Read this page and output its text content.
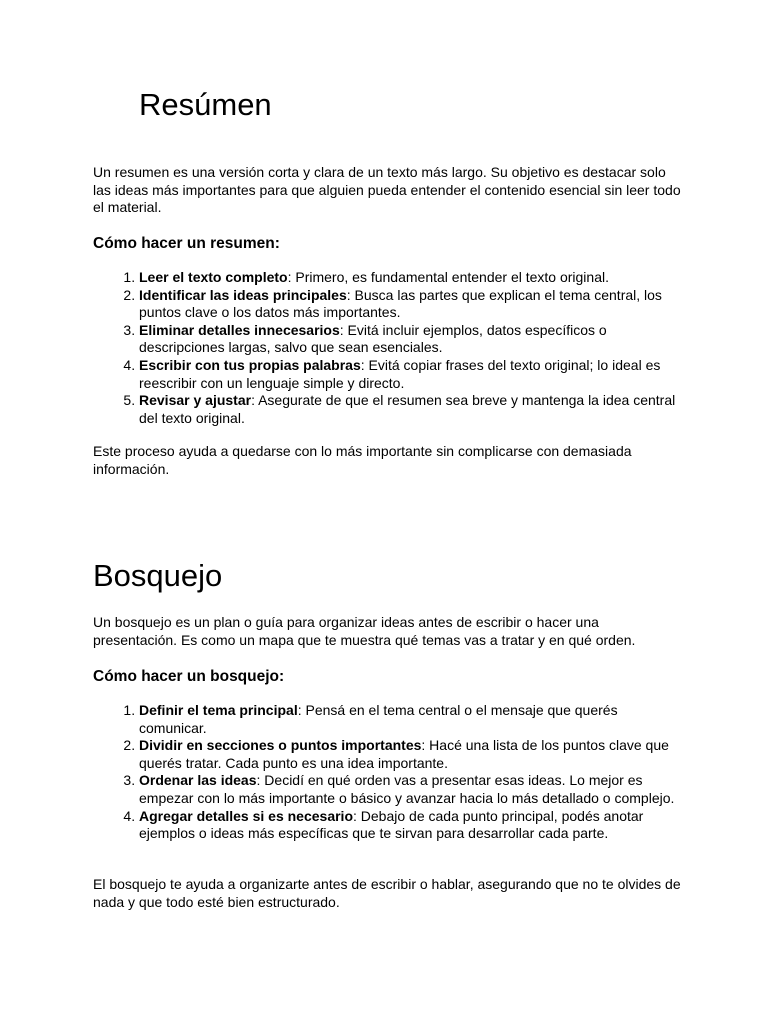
Resúmen

Un resumen es una versión corta y clara de un texto más largo. Su objetivo es destacar solo las ideas más importantes para que alguien pueda entender el contenido esencial sin leer todo el material.

Cómo hacer un resumen:
1. Leer el texto completo: Primero, es fundamental entender el texto original.
2. Identificar las ideas principales: Busca las partes que explican el tema central, los puntos clave o los datos más importantes.
3. Eliminar detalles innecesarios: Evitá incluir ejemplos, datos específicos o descripciones largas, salvo que sean esenciales.
4. Escribir con tus propias palabras: Evitá copiar frases del texto original; lo ideal es reescribir con un lenguaje simple y directo.
5. Revisar y ajustar: Asegurate de que el resumen sea breve y mantenga la idea central del texto original.

Este proceso ayuda a quedarse con lo más importante sin complicarse con demasiada información.

Bosquejo

Un bosquejo es un plan o guía para organizar ideas antes de escribir o hacer una presentación. Es como un mapa que te muestra qué temas vas a tratar y en qué orden.

Cómo hacer un bosquejo:
1. Definir el tema principal: Pensá en el tema central o el mensaje que querés comunicar.
2. Dividir en secciones o puntos importantes: Hacé una lista de los puntos clave que querés tratar. Cada punto es una idea importante.
3. Ordenar las ideas: Decidí en qué orden vas a presentar esas ideas. Lo mejor es empezar con lo más importante o básico y avanzar hacia lo más detallado o complejo.
4. Agregar detalles si es necesario: Debajo de cada punto principal, podés anotar ejemplos o ideas más específicas que te sirvan para desarrollar cada parte.

El bosquejo te ayuda a organizarte antes de escribir o hablar, asegurando que no te olvides de nada y que todo esté bien estructurado.
